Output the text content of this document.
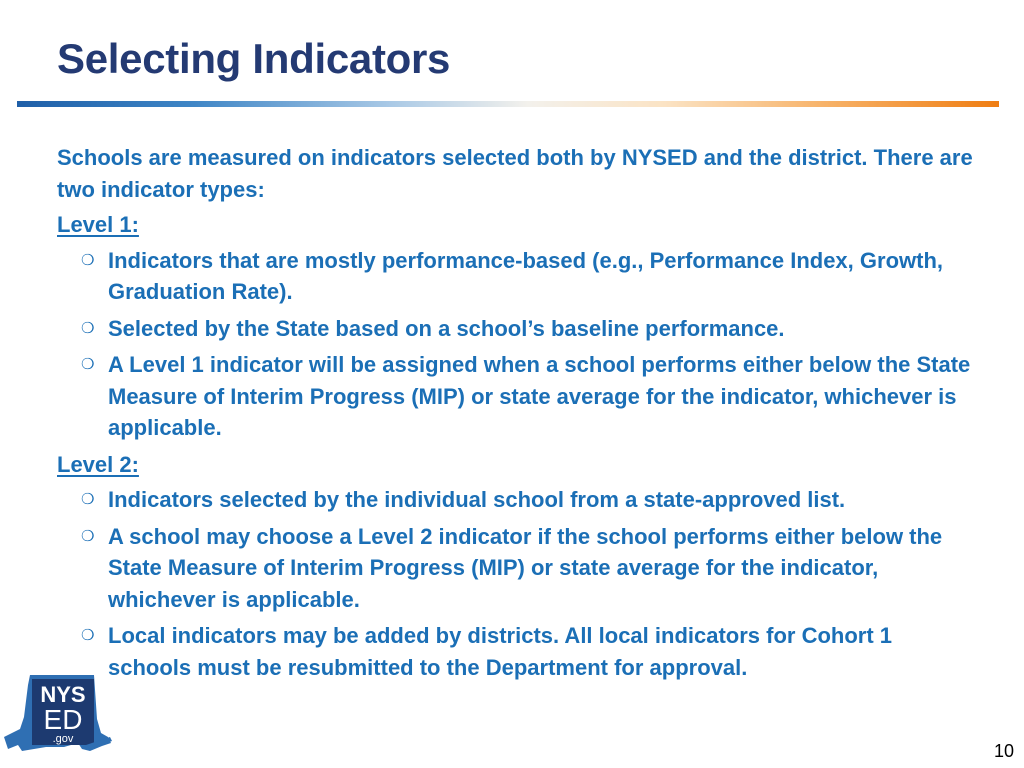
Selecting Indicators

Schools are measured on indicators selected both by NYSED and the district. There are two indicator types:

Level 1:

❍ Indicators that are mostly performance-based (e.g., Performance Index, Growth, Graduation Rate).
❍ Selected by the State based on a school’s baseline performance.
❍ A Level 1 indicator will be assigned when a school performs either below the State Measure of Interim Progress (MIP) or state average for the indicator, whichever is applicable.

Level 2:

❍ Indicators selected by the individual school from a state-approved list.
❍ A school may choose a Level 2 indicator if the school performs either below the State Measure of Interim Progress (MIP) or state average for the indicator, whichever is applicable.
❍ Local indicators may be added by districts. All local indicators for Cohort 1 schools must be resubmitted to the Department for approval.
NYS
ED
.gov
10
